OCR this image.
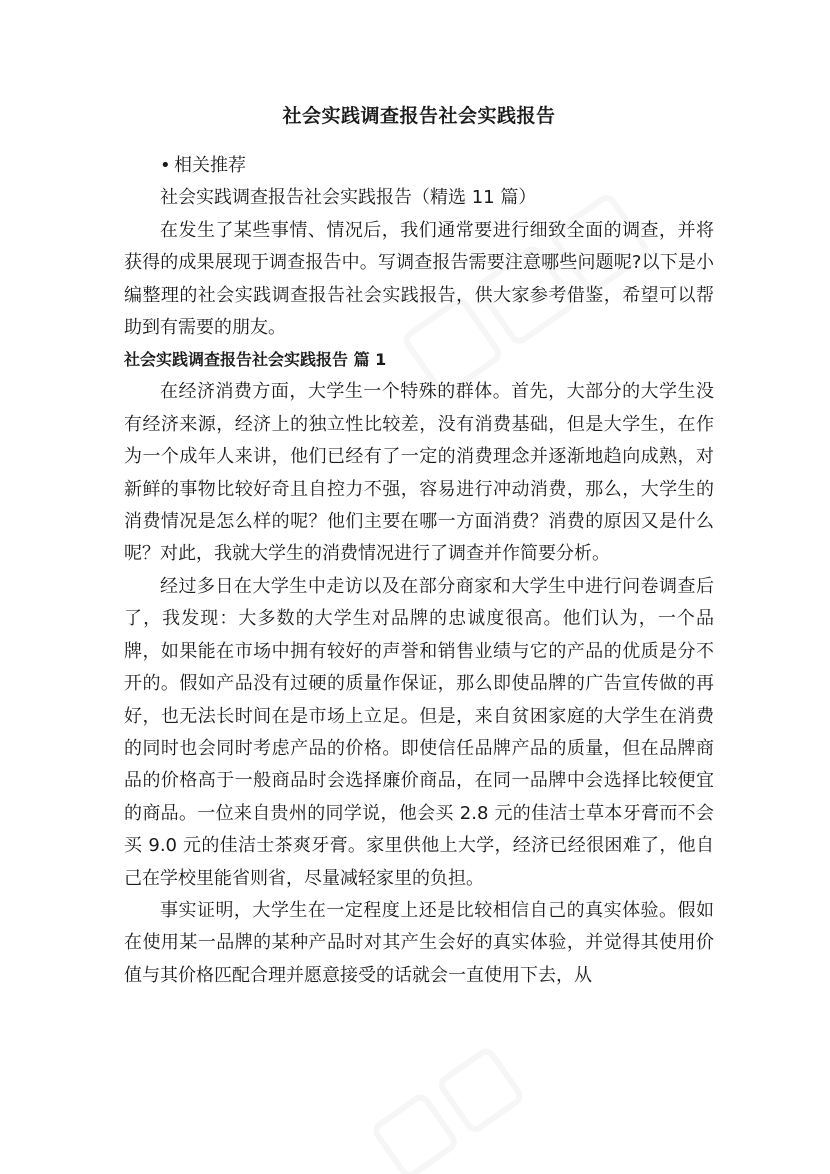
社会实践调查报告社会实践报告

• 相关推荐

社会实践调查报告社会实践报告（精选 11 篇）

在发生了某些事情、情况后，我们通常要进行细致全面的调查，并将获得的成果展现于调查报告中。写调查报告需要注意哪些问题呢?以下是小编整理的社会实践调查报告社会实践报告，供大家参考借鉴，希望可以帮助到有需要的朋友。

社会实践调查报告社会实践报告 篇 1

在经济消费方面，大学生一个特殊的群体。首先，大部分的大学生没有经济来源，经济上的独立性比较差，没有消费基础，但是大学生，在作为一个成年人来讲，他们已经有了一定的消费理念并逐渐地趋向成熟，对新鲜的事物比较好奇且自控力不强，容易进行冲动消费，那么，大学生的消费情况是怎么样的呢？他们主要在哪一方面消费？消费的原因又是什么呢？对此，我就大学生的消费情况进行了调查并作简要分析。

经过多日在大学生中走访以及在部分商家和大学生中进行问卷调查后了，我发现：大多数的大学生对品牌的忠诚度很高。他们认为，一个品牌，如果能在市场中拥有较好的声誉和销售业绩与它的产品的优质是分不开的。假如产品没有过硬的质量作保证，那么即使品牌的广告宣传做的再好，也无法长时间在是市场上立足。但是，来自贫困家庭的大学生在消费的同时也会同时考虑产品的价格。即使信任品牌产品的质量，但在品牌商品的价格高于一般商品时会选择廉价商品，在同一品牌中会选择比较便宜的商品。一位来自贵州的同学说，他会买 2.8 元的佳洁士草本牙膏而不会买 9.0 元的佳洁士茶爽牙膏。家里供他上大学，经济已经很困难了，他自己在学校里能省则省，尽量减轻家里的负担。

事实证明，大学生在一定程度上还是比较相信自己的真实体验。假如在使用某一品牌的某种产品时对其产生会好的真实体验，并觉得其使用价值与其价格匹配合理并愿意接受的话就会一直使用下去，从
